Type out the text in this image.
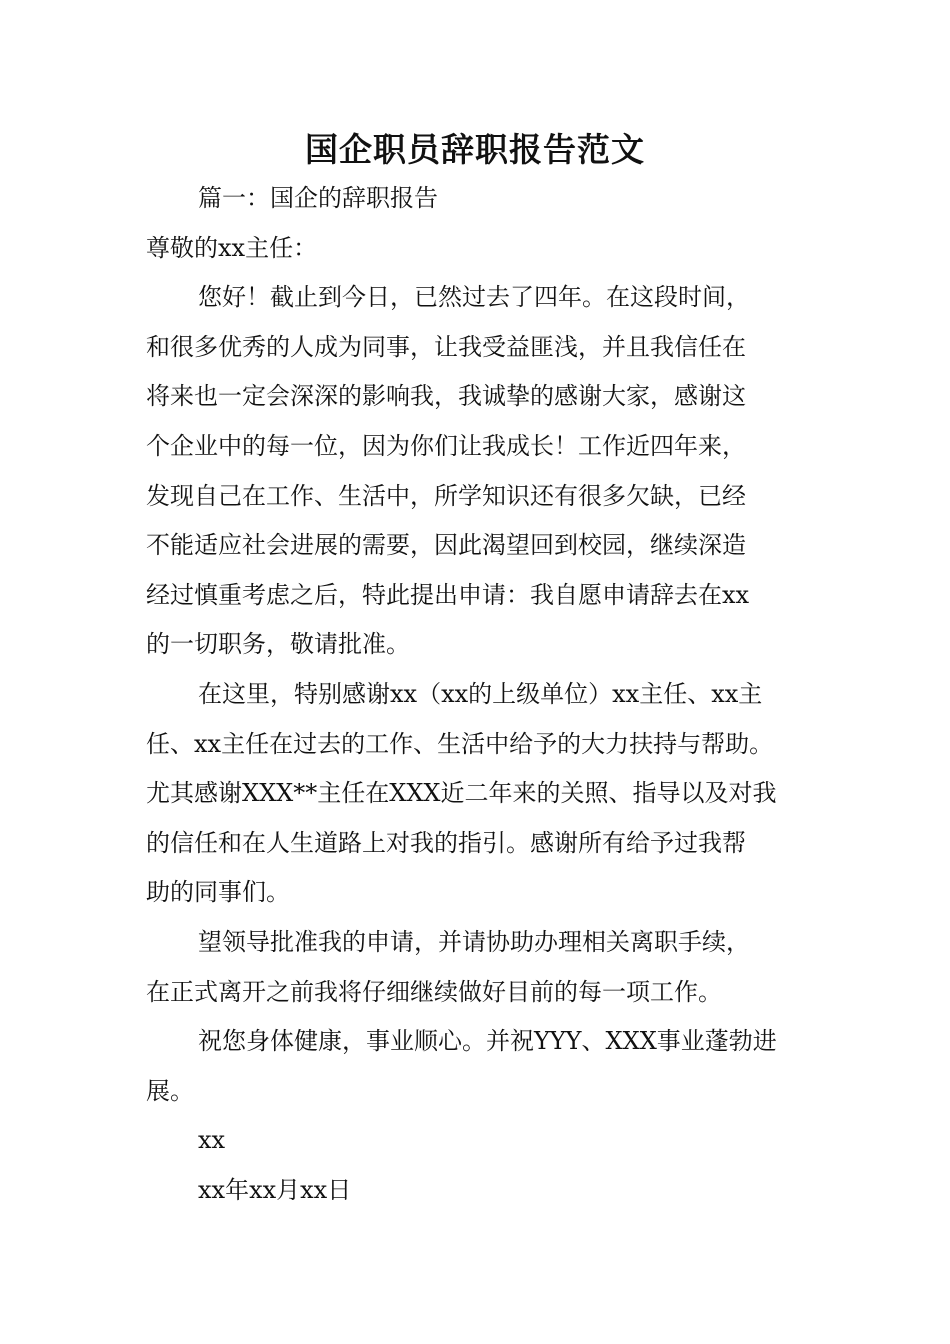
国企职员辞职报告范文
篇一：国企的辞职报告
尊敬的xx主任：
您好！截止到今日，已然过去了四年。在这段时间，
和很多优秀的人成为同事，让我受益匪浅，并且我信任在
将来也一定会深深的影响我，我诚挚的感谢大家，感谢这
个企业中的每一位，因为你们让我成长！工作近四年来，
发现自己在工作、生活中，所学知识还有很多欠缺，已经
不能适应社会进展的需要，因此渴望回到校园，继续深造
经过慎重考虑之后，特此提出申请：我自愿申请辞去在xx
的一切职务，敬请批准。
在这里，特别感谢xx（xx的上级单位）xx主任、xx主
任、xx主任在过去的工作、生活中给予的大力扶持与帮助。
尤其感谢XXX**主任在XXX近二年来的关照、指导以及对我
的信任和在人生道路上对我的指引。感谢所有给予过我帮
助的同事们。
望领导批准我的申请，并请协助办理相关离职手续，
在正式离开之前我将仔细继续做好目前的每一项工作。
祝您身体健康，事业顺心。并祝YYY、XXX事业蓬勃进
展。
xx
xx年xx月xx日
